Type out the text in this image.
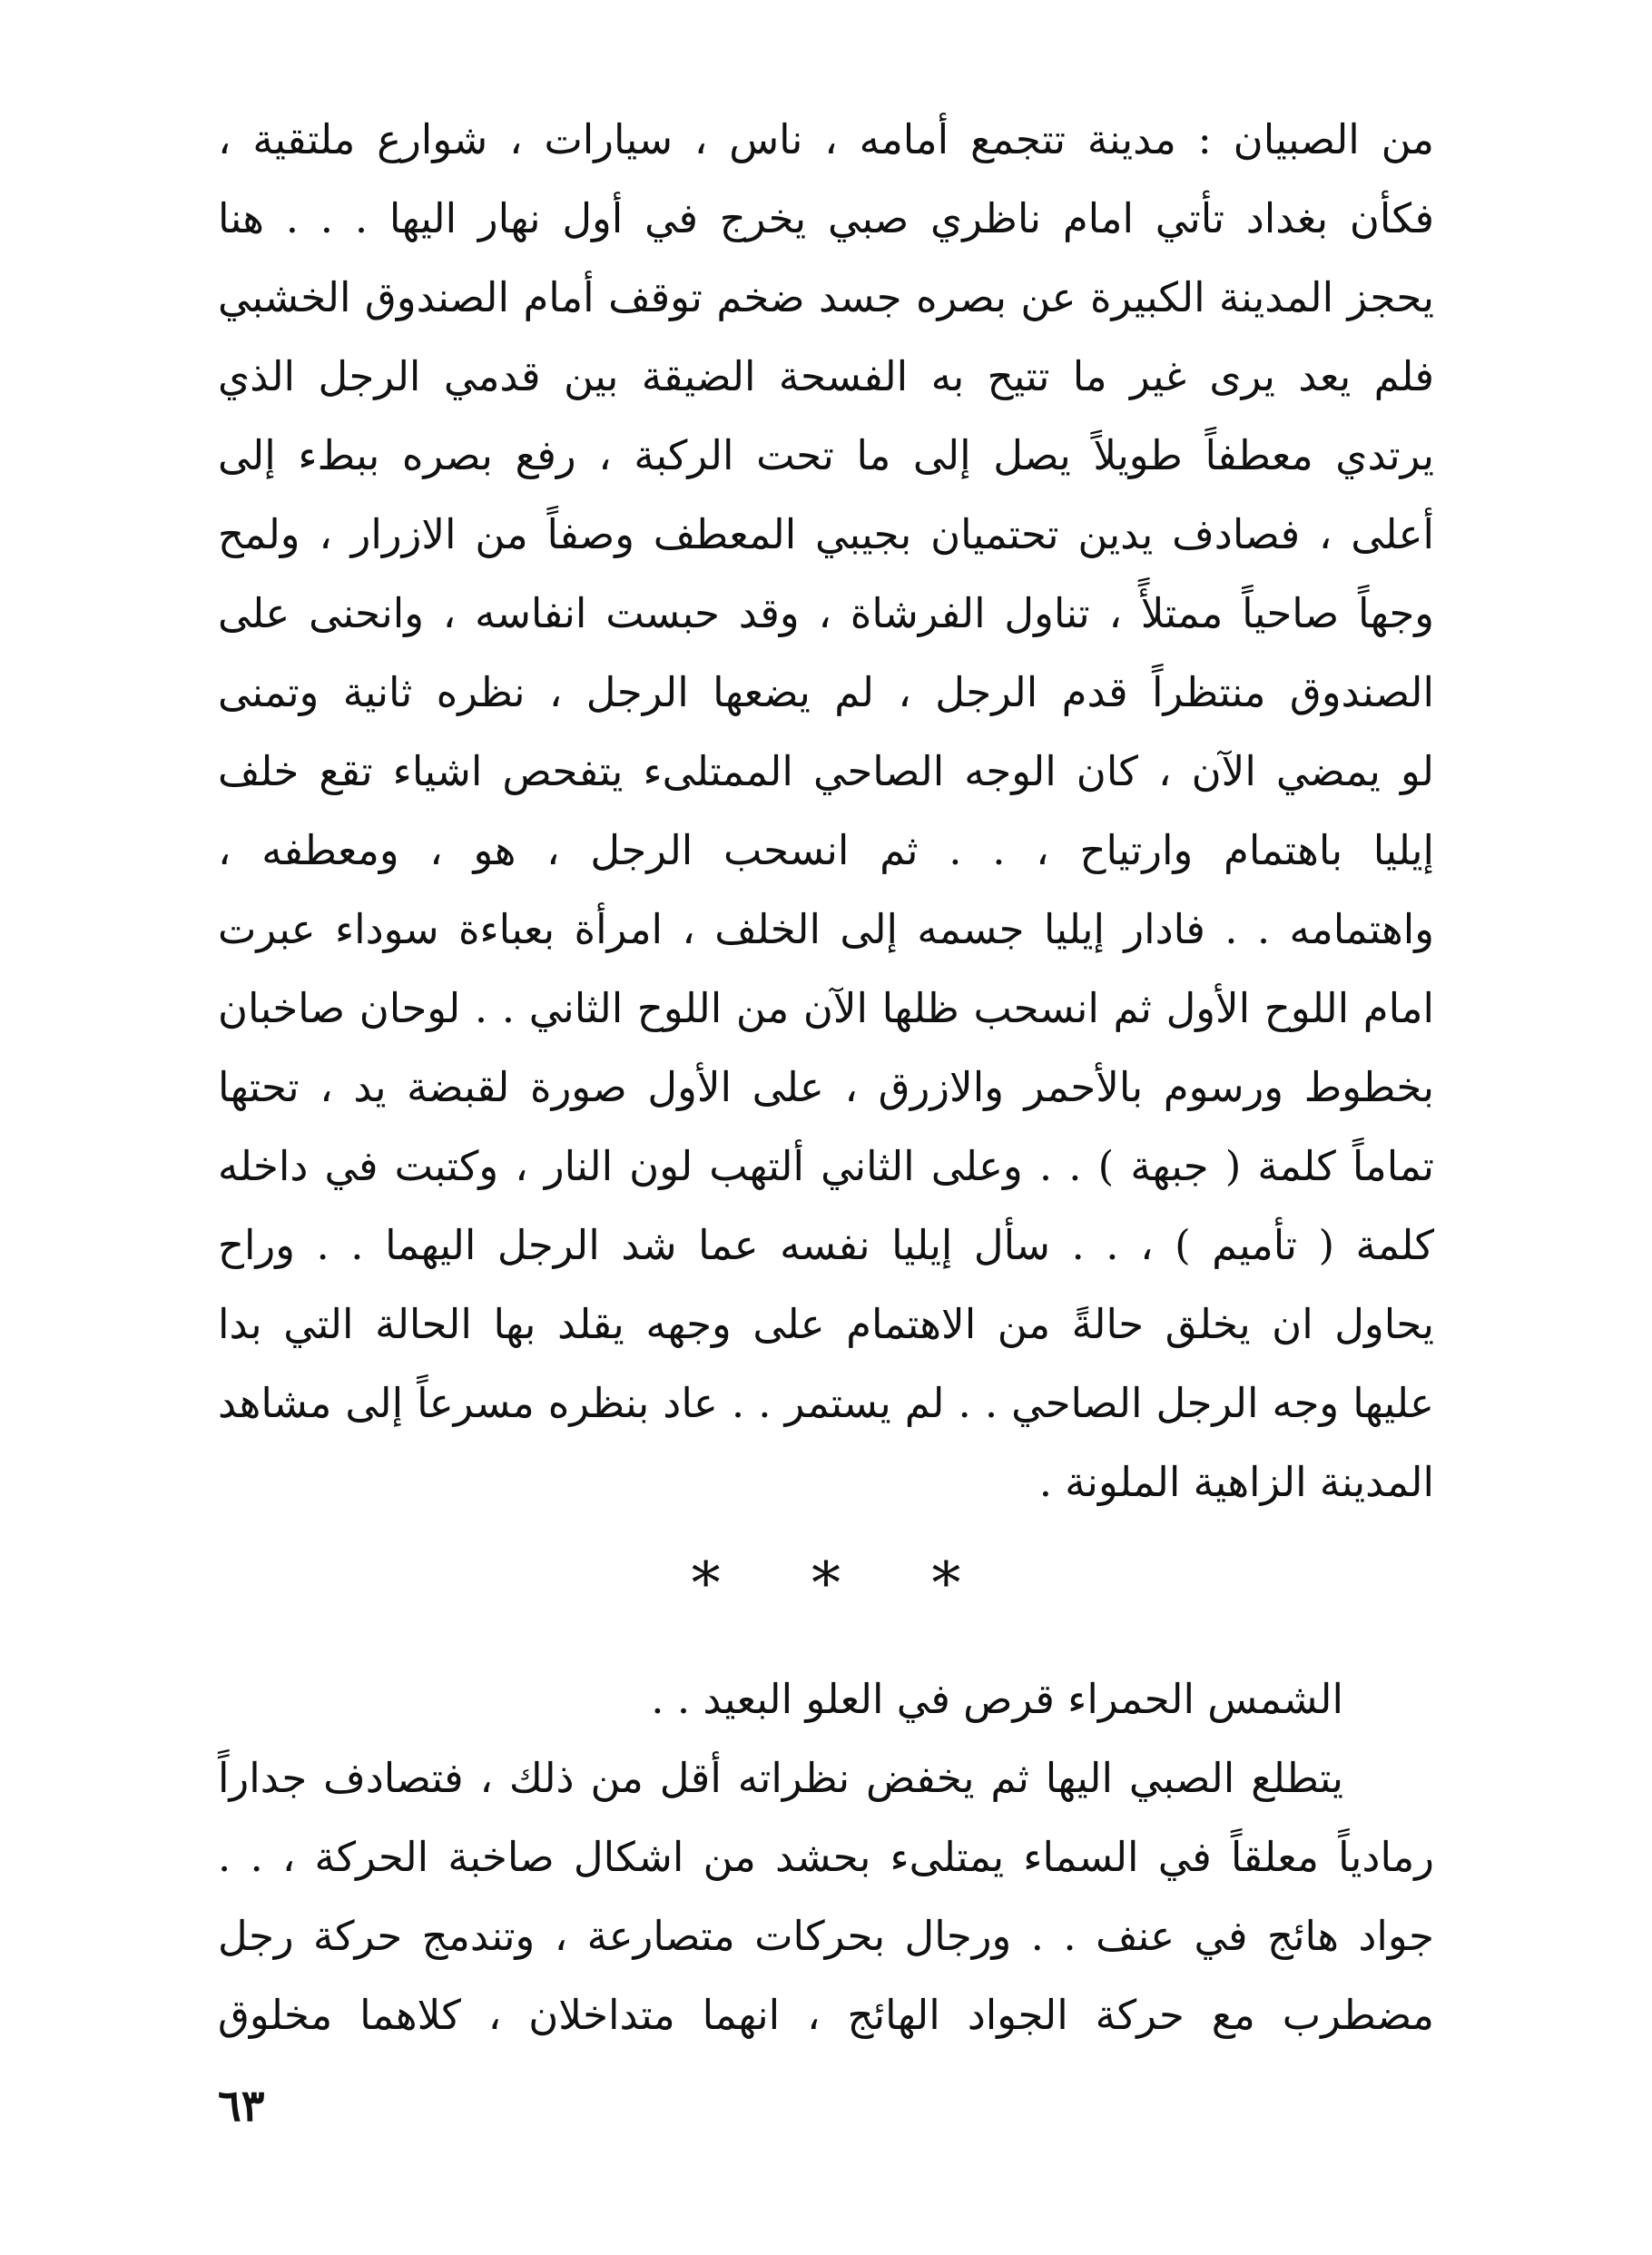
من الصبيان : مدينة تتجمع أمامه ، ناس ، سيارات ، شوارع ملتقية ،
فكأن بغداد تأتي امام ناظري صبي يخرج في أول نهار اليها . . . هنا
يحجز المدينة الكبيرة عن بصره جسد ضخم توقف أمام الصندوق الخشبي
فلم يعد يرى غير ما تتيح به الفسحة الضيقة بين قدمي الرجل الذي
يرتدي معطفاً طويلاً يصل إلى ما تحت الركبة ، رفع بصره ببطء إلى
أعلى ، فصادف يدين تحتميان بجيبي المعطف وصفاً من الازرار ، ولمح
وجهاً صاحياً ممتلأً ، تناول الفرشاة ، وقد حبست انفاسه ، وانحنى على
الصندوق منتظراً قدم الرجل ، لم يضعها الرجل ، نظره ثانية وتمنى
لو يمضي الآن ، كان الوجه الصاحي الممتلىء يتفحص اشياء تقع خلف
إيليا باهتمام وارتياح ، . . ثم انسحب الرجل ، هو ، ومعطفه ،
واهتمامه . . فادار إيليا جسمه إلى الخلف ، امرأة بعباءة سوداء عبرت
امام اللوح الأول ثم انسحب ظلها الآن من اللوح الثاني . . لوحان صاخبان
بخطوط ورسوم بالأحمر والازرق ، على الأول صورة لقبضة يد ، تحتها
تماماً كلمة ( جبهة ) . . وعلى الثاني ألتهب لون النار ، وكتبت في داخله
كلمة ( تأميم ) ، . . سأل إيليا نفسه عما شد الرجل اليهما . . وراح
يحاول ان يخلق حالةً من الاهتمام على وجهه يقلد بها الحالة التي بدا
عليها وجه الرجل الصاحي . . لم يستمر . . عاد بنظره مسرعاً إلى مشاهد
المدينة الزاهية الملونة .
* * *
الشمس الحمراء قرص في العلو البعيد . .
يتطلع الصبي اليها ثم يخفض نظراته أقل من ذلك ، فتصادف جداراً
رمادياً معلقاً في السماء يمتلىء بحشد من اشكال صاخبة الحركة ، . .
جواد هائج في عنف . . ورجال بحركات متصارعة ، وتندمج حركة رجل
مضطرب مع حركة الجواد الهائج ، انهما متداخلان ، كلاهما مخلوق
٦٣
